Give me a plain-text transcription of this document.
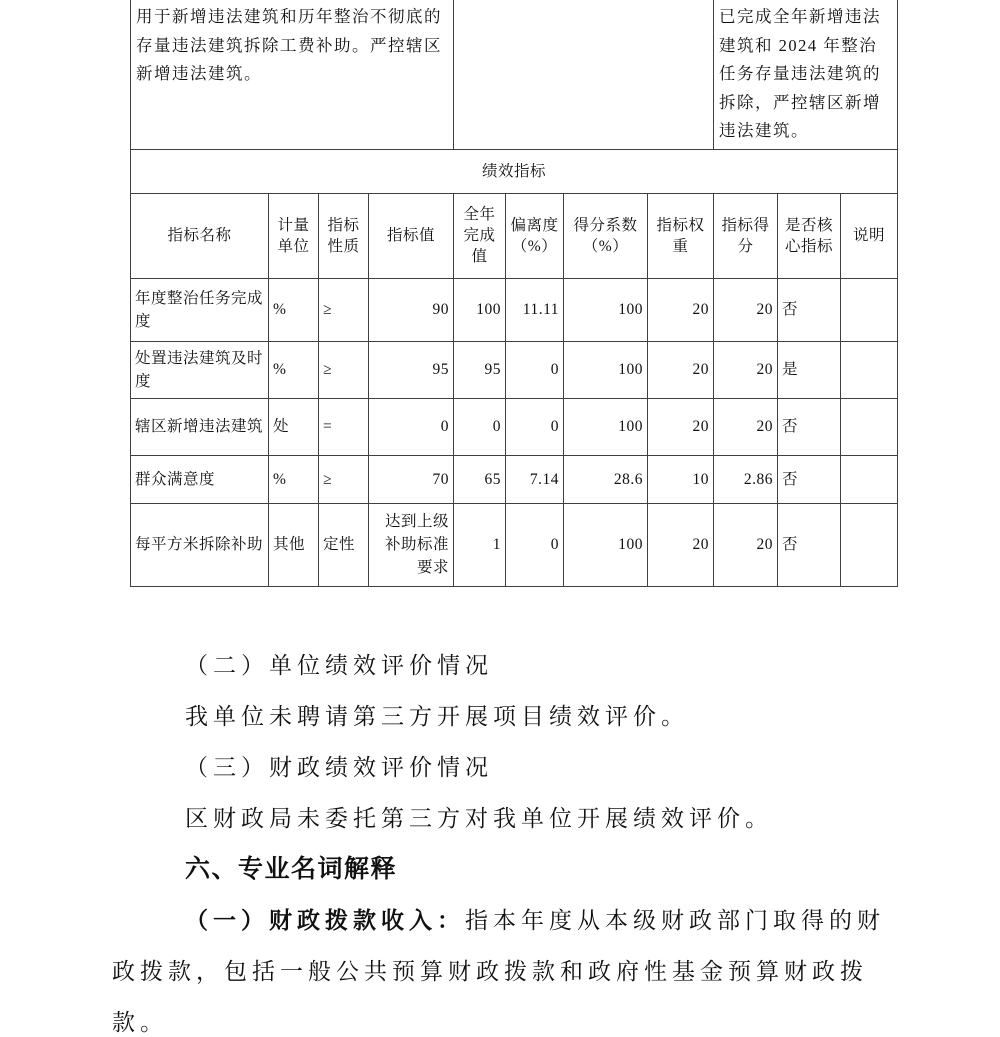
用于新增违法建筑和历年整治不彻底的存量违法建筑拆除工费补助。严控辖区新增违法建筑。								已完成全年新增违法建筑和 2024 年整治任务存量违法建筑的拆除，严控辖区新增违法建筑。		
绩效指标										
指标名称	计量单位	指标性质	指标值	全年完成值	偏离度（%）	得分系数（%）	指标权重	指标得分	是否核心指标	说明
年度整治任务完成度	%	≥	90	100	11.11	100	20	20	否	
处置违法建筑及时度	%	≥	95	95	0	100	20	20	是	
辖区新增违法建筑	处	=	0	0	0	100	20	20	否	
群众满意度	%	≥	70	65	7.14	28.6	10	2.86	否	
每平方米拆除补助	其他	定性	达到上级补助标准要求	1	0	100	20	20	否	
（二）单位绩效评价情况
我单位未聘请第三方开展项目绩效评价。
（三）财政绩效评价情况
区财政局未委托第三方对我单位开展绩效评价。
六、专业名词解释
（一）财政拨款收入：指本年度从本级财政部门取得的财
政拨款，包括一般公共预算财政拨款和政府性基金预算财政拨
款。
